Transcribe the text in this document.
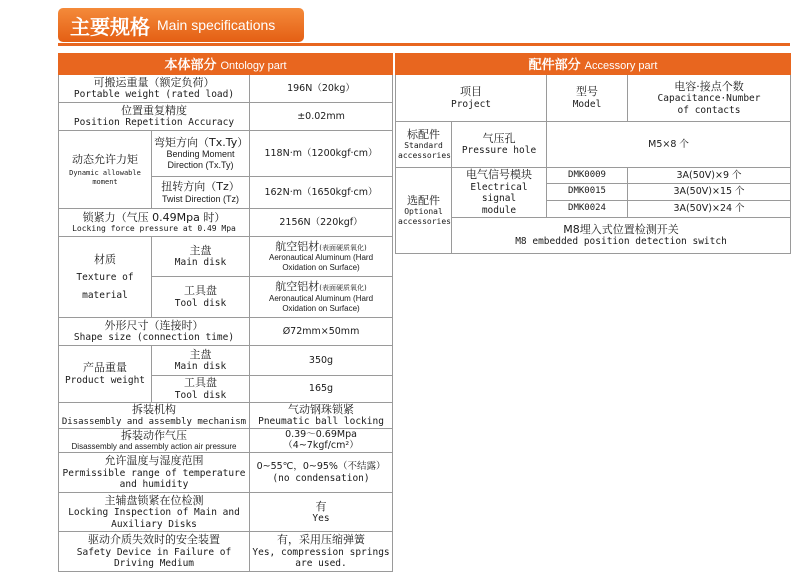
主要规格 Main specifications
本体部分 Ontology part		

可搬运重量（额定负荷）
Portable weight (rated load)		196N（20kg）

位置重复精度
Position Repetition Accuracy		±0.02mm

动态允许力矩
Dynamic allowable moment	弯矩方向（Tx.Ty）
Bending Moment
Direction (Tx.Ty)	118N·m（1200kgf·cm）

	扭转方向（Tz）
Twist Direction (Tz)	162N·m（1650kgf·cm）

锁紧力（气压 0.49Mpa 时）
Locking force pressure at 0.49 Mpa		2156N（220kgf）

材质
Texture of
material	主盘
Main disk	航空铝材(表面硬质氧化)
Aeronautical Aluminum (Hard
Oxidation on Surface)

	工具盘
Tool disk	航空铝材(表面硬质氧化)
Aeronautical Aluminum (Hard
Oxidation on Surface)

外形尺寸（连接时）
Shape size (connection time)		Ø72mm×50mm

产品重量
Product weight	主盘
Main disk	350g

	工具盘
Tool disk	165g

拆装机构
Disassembly and assembly mechanism		气动钢珠锁紧
Pneumatic ball locking

拆装动作气压
Disassembly and assembly action air pressure		0.39～0.69Mpa（4~7kgf/cm²）

允许温度与湿度范围
Permissible range of temperature
and humidity		0~55℃，0~95%（不结露）
(no condensation)

主辅盘锁紧在位检测
Locking Inspection of Main and
Auxiliary Disks		有
Yes

驱动介质失效时的安全装置
Safety Device in Failure of
Driving Medium		有，采用压缩弹簧
Yes, compression springs
are used.
配件部分 Accessory part			

项目
Project		型号
Model	电容·接点个数
Capacitance·Number
of contacts

标配件
Standard
accessories	气压孔
Pressure hole	M5×8 个	

选配件
Optional
accessories	电气信号模块
Electrical signal
module	DMK0009	3A(50V)×9 个
		DMK0015	3A(50V)×15 个
		DMK0024	3A(50V)×24 个

	M8埋入式位置检测开关
M8 embedded position detection switch		
